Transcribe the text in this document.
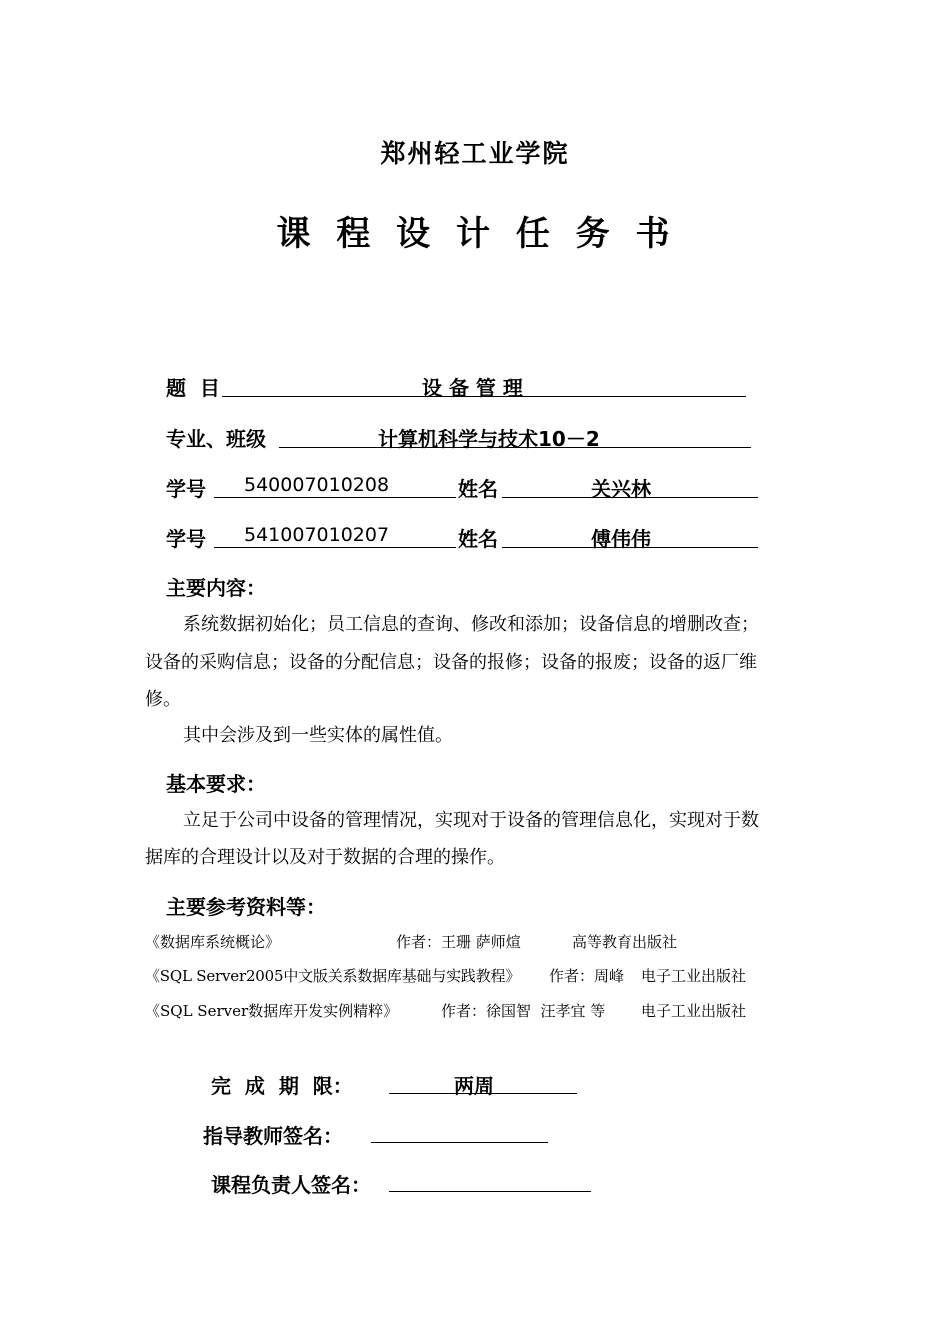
郑州轻工业学院
课 程 设 计 任 务 书
题  目	设 备 管 理
专业、班级	计算机科学与技术10－2
学号 540007010208	姓名	关兴林
学号 541007010207	姓名	傅伟伟
主要内容：
系统数据初始化；员工信息的查询、修改和添加；设备信息的增删改查；
设备的采购信息；设备的分配信息；设备的报修；设备的报废；设备的返厂维
修。
其中会涉及到一些实体的属性值。
基本要求：
立足于公司中设备的管理情况，实现对于设备的管理信息化，实现对于数
据库的合理设计以及对于数据的合理的操作。
主要参考资料等：
《数据库系统概论》	作者：王珊 萨师煊	高等教育出版社
《SQL Server2005中文版关系数据库基础与实践教程》 作者：周峰 电子工业出版社
《SQL Server数据库开发实例精粹》	作者：徐国智  汪孝宜 等 电子工业出版社
完  成  期  限：	两周
指导教师签名：
课程负责人签名：
